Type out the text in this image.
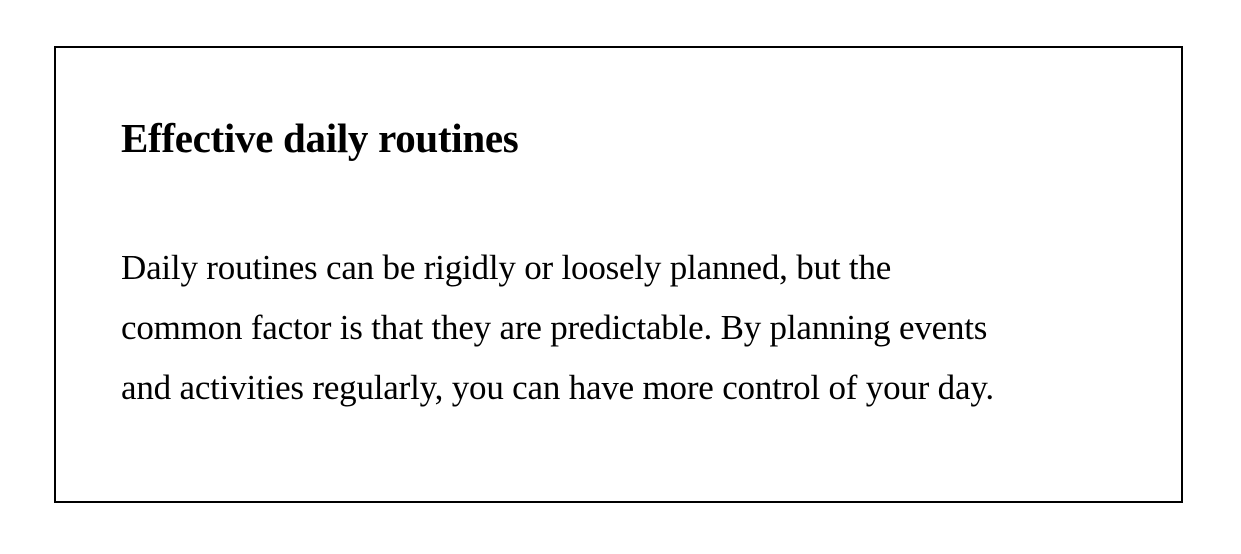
Effective daily routines

Daily routines can be rigidly or loosely planned, but the
common factor is that they are predictable. By planning events
and activities regularly, you can have more control of your day.
